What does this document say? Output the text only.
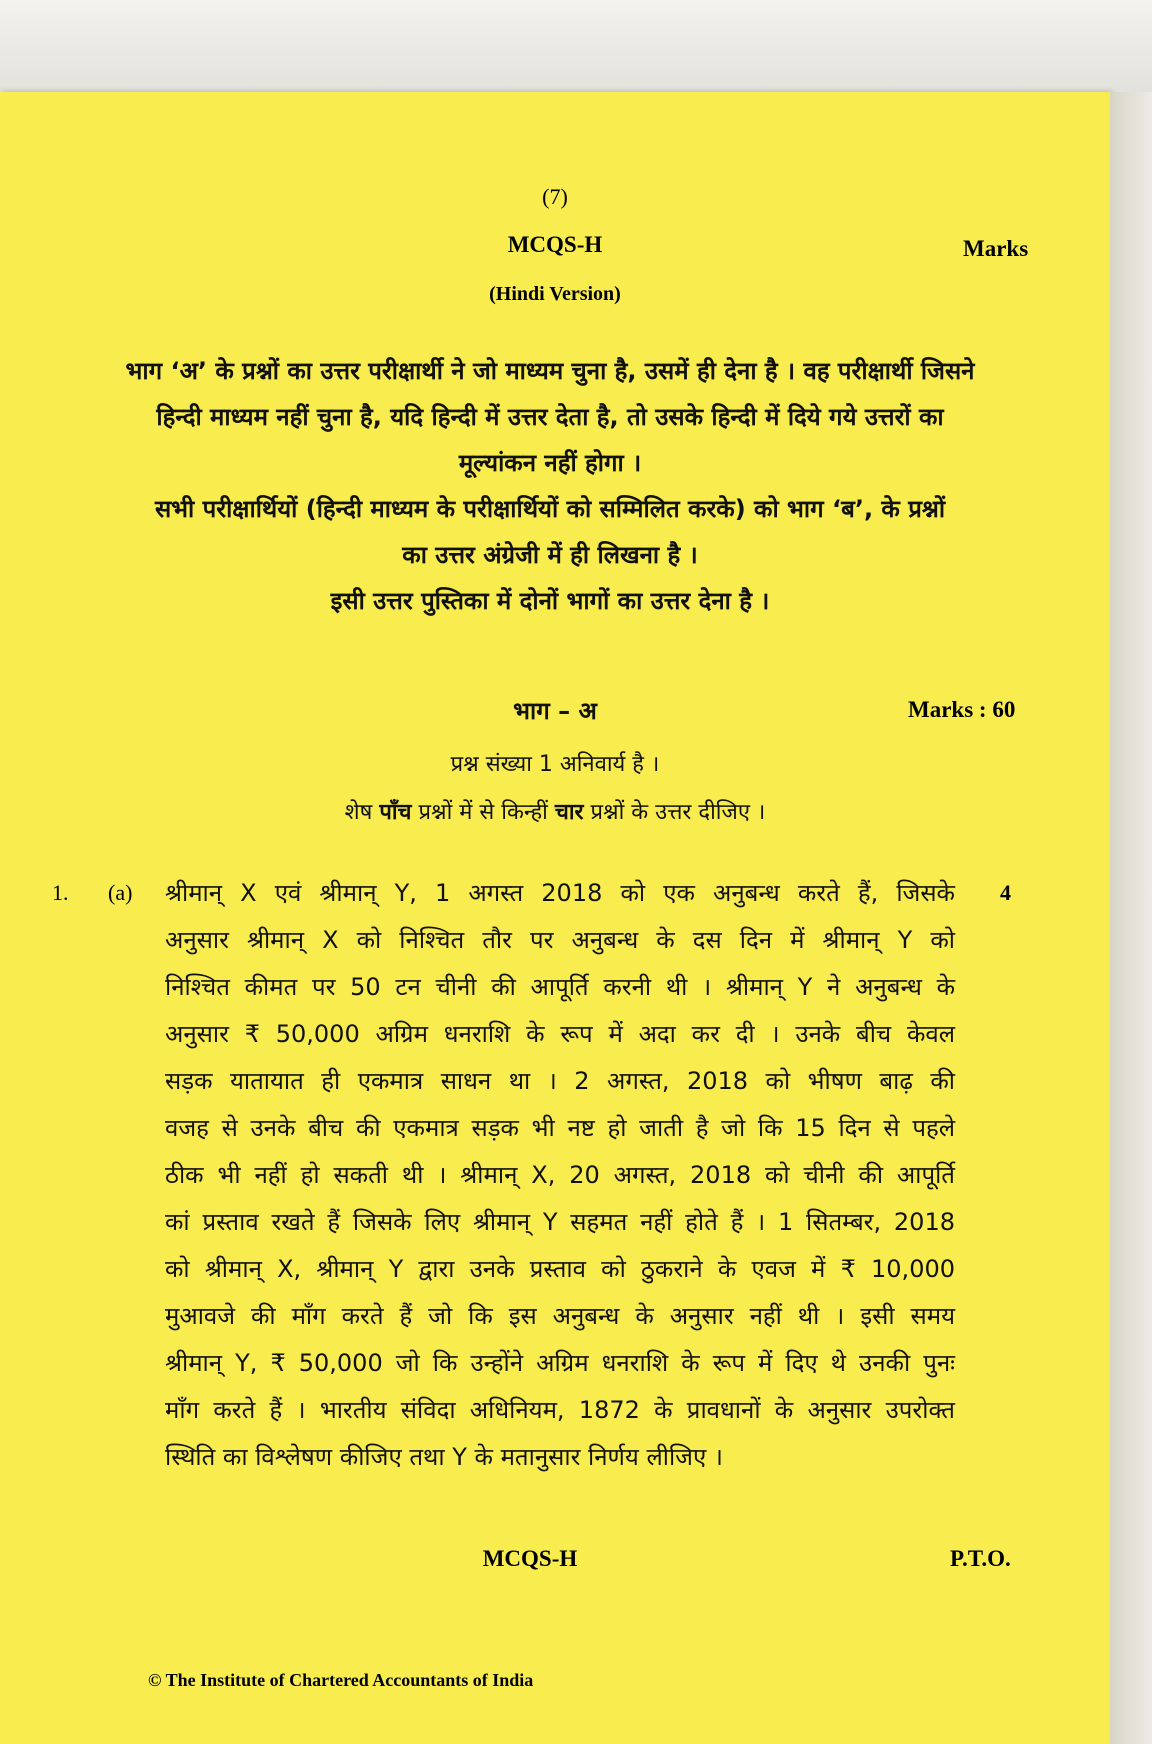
(7)
MCQS-H	Marks
(Hindi Version)
भाग ‘अ’ के प्रश्नों का उत्तर परीक्षार्थी ने जो माध्यम चुना है, उसमें ही देना है । वह परीक्षार्थी जिसने
हिन्दी माध्यम नहीं चुना है, यदि हिन्दी में उत्तर देता है, तो उसके हिन्दी में दिये गये उत्तरों का
मूल्यांकन नहीं होगा ।
सभी परीक्षार्थियों (हिन्दी माध्यम के परीक्षार्थियों को सम्मिलित करके) को भाग ‘ब’, के प्रश्नों
का उत्तर अंग्रेजी में ही लिखना है ।
इसी उत्तर पुस्तिका में दोनों भागों का उत्तर देना है ।
भाग – अ	Marks : 60
प्रश्न संख्या 1 अनिवार्य है ।
शेष पाँच प्रश्नों में से किन्हीं चार प्रश्नों के उत्तर दीजिए ।
1. (a)	4
श्रीमान् X एवं श्रीमान् Y, 1 अगस्त 2018 को एक अनुबन्ध करते हैं, जिसके
अनुसार श्रीमान् X को निश्चित तौर पर अनुबन्ध के दस दिन में श्रीमान् Y को
निश्चित कीमत पर 50 टन चीनी की आपूर्ति करनी थी । श्रीमान् Y ने अनुबन्ध के
अनुसार ₹ 50,000 अग्रिम धनराशि के रूप में अदा कर दी । उनके बीच केवल
सड़क यातायात ही एकमात्र साधन था । 2 अगस्त, 2018 को भीषण बाढ़ की
वजह से उनके बीच की एकमात्र सड़क भी नष्ट हो जाती है जो कि 15 दिन से पहले
ठीक भी नहीं हो सकती थी । श्रीमान् X, 20 अगस्त, 2018 को चीनी की आपूर्ति
कां प्रस्ताव रखते हैं जिसके लिए श्रीमान् Y सहमत नहीं होते हैं । 1 सितम्बर, 2018
को श्रीमान् X, श्रीमान् Y द्वारा उनके प्रस्ताव को ठुकराने के एवज में ₹ 10,000
मुआवजे की माँग करते हैं जो कि इस अनुबन्ध के अनुसार नहीं थी । इसी समय
श्रीमान् Y, ₹ 50,000 जो कि उन्होंने अग्रिम धनराशि के रूप में दिए थे उनकी पुनः
माँग करते हैं । भारतीय संविदा अधिनियम, 1872 के प्रावधानों के अनुसार उपरोक्त
स्थिति का विश्लेषण कीजिए तथा Y के मतानुसार निर्णय लीजिए ।
MCQS-H	P.T.O.
© The Institute of Chartered Accountants of India
